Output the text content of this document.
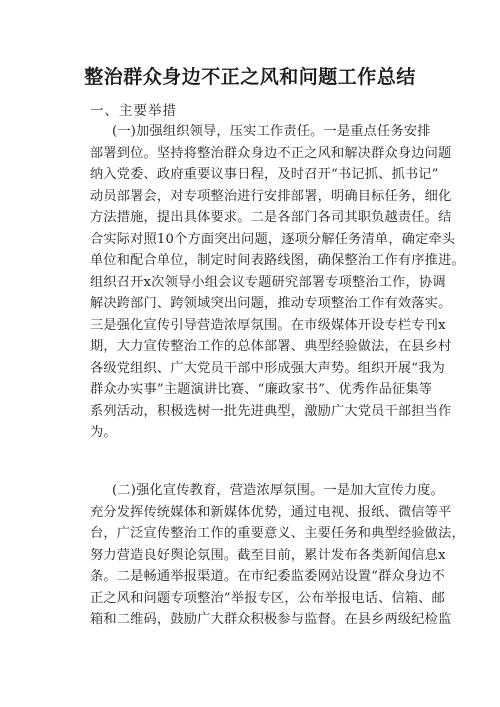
整治群众身边不正之风和问题工作总结
一、主要举措
(一)加强组织领导，压实工作责任。一是重点任务安排
部署到位。坚持将整治群众身边不正之风和解决群众身边问题
纳入党委、政府重要议事日程，及时召开“书记抓、抓书记”
动员部署会，对专项整治进行安排部署，明确目标任务，细化
方法措施，提出具体要求。二是各部门各司其职负越责任。结
合实际对照10个方面突出问题，逐项分解任务清单，确定牵头
单位和配合单位，制定时间表路线图，确保整治工作有序推进。
组织召开x次领导小组会议专题研究部署专项整治工作，协调
解决跨部门、跨领域突出问题，推动专项整治工作有效落实。
三是强化宣传引导营造浓厚氛围。在市级媒体开设专栏专刊x
期，大力宣传整治工作的总体部署、典型经验做法，在县乡村
各级党组织、广大党员干部中形成强大声势。组织开展“我为
群众办实事”主题演讲比赛、“廉政家书”、优秀作品征集等
系列活动，积极选树一批先进典型，激励广大党员干部担当作
为。
(二)强化宣传教育，营造浓厚氛围。一是加大宣传力度。
充分发挥传统媒体和新媒体优势，通过电视、报纸、微信等平
台，广泛宣传整治工作的重要意义、主要任务和典型经验做法，
努力营造良好舆论氛围。截至目前，累计发布各类新闻信息x
条。二是畅通举报渠道。在市纪委监委网站设置“群众身边不
正之风和问题专项整治”举报专区，公布举报电话、信箱、邮
箱和二维码，鼓励广大群众积极参与监督。在县乡两级纪检监
